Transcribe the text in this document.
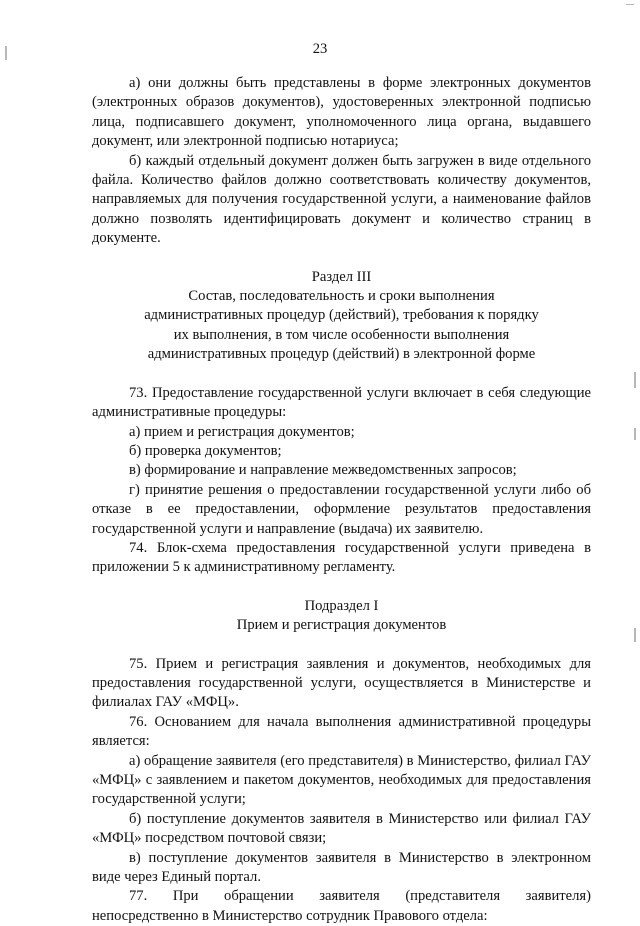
23

а) они должны быть представлены в форме электронных документов (электронных образов документов), удостоверенных электронной подписью лица, подписавшего документ, уполномоченного лица органа, выдавшего документ, или электронной подписью нотариуса;

б) каждый отдельный документ должен быть загружен в виде отдельного файла. Количество файлов должно соответствовать количеству документов, направляемых для получения государственной услуги, а наименование файлов должно позволять идентифицировать документ и количество страниц в документе.

Раздел III

Состав, последовательность и сроки выполнения

административных процедур (действий), требования к порядку

их выполнения, в том числе особенности выполнения

административных процедур (действий) в электронной форме

73. Предоставление государственной услуги включает в себя следующие административные процедуры:

а) прием и регистрация документов;

б) проверка документов;

в) формирование и направление межведомственных запросов;

г) принятие решения о предоставлении государственной услуги либо об отказе в ее предоставлении, оформление результатов предоставления государственной услуги и направление (выдача) их заявителю.

74. Блок-схема предоставления государственной услуги приведена в приложении 5 к административному регламенту.

Подраздел I

Прием и регистрация документов

75. Прием и регистрация заявления и документов, необходимых для предоставления государственной услуги, осуществляется в Министерстве и филиалах ГАУ «МФЦ».

76. Основанием для начала выполнения административной процедуры является:

а) обращение заявителя (его представителя) в Министерство, филиал ГАУ «МФЦ» с заявлением и пакетом документов, необходимых для предоставления государственной услуги;

б) поступление документов заявителя в Министерство или филиал ГАУ «МФЦ» посредством почтовой связи;

в) поступление документов заявителя в Министерство в электронном виде через Единый портал.

77. При обращении заявителя (представителя заявителя) непосредственно в Министерство сотрудник Правового отдела:
